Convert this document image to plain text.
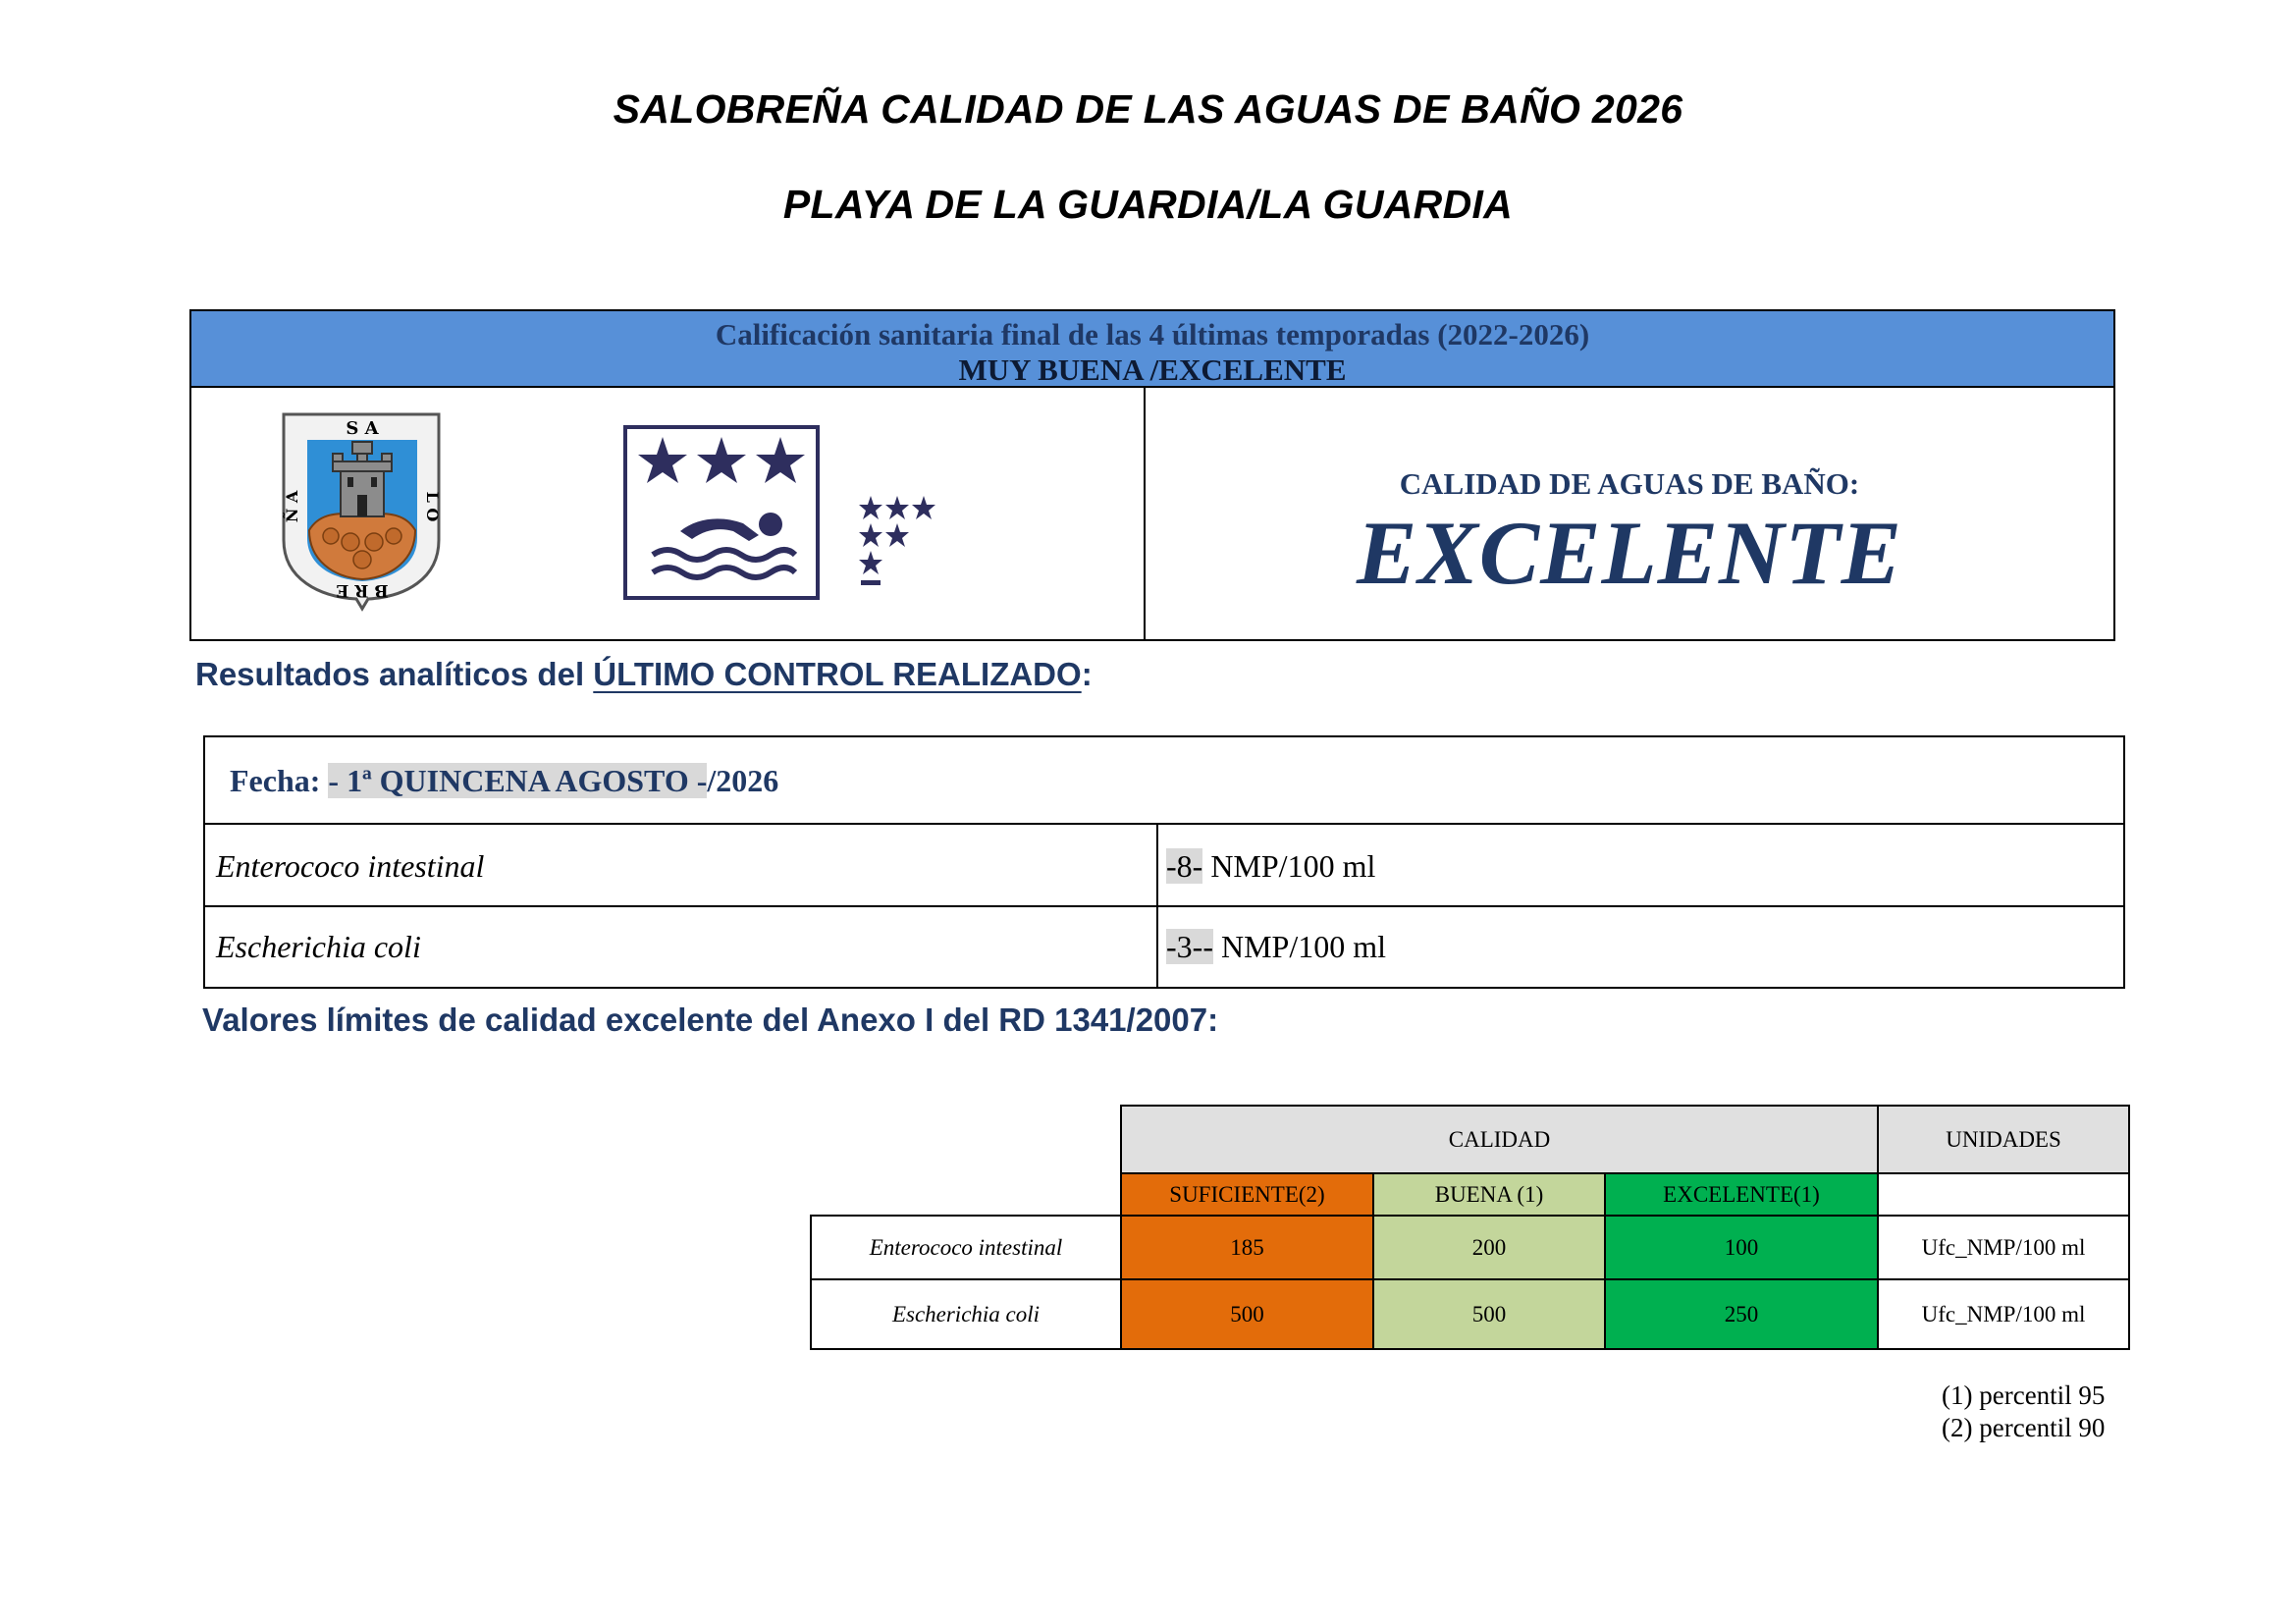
SALOBREÑA CALIDAD DE LAS AGUAS DE BAÑO 2026
PLAYA DE LA GUARDIA/LA GUARDIA
Calificación sanitaria final de las 4 últimas temporadas (2022-2026)
MUY BUENA /EXCELENTE
S A
Ñ A	L O
B R E
CALIDAD DE AGUAS DE BAÑO:
EXCELENTE
Resultados analíticos del ÚLTIMO CONTROL REALIZADO:
Fecha: - 1ª QUINCENA AGOSTO -/2026
Enterococo intestinal	-8- NMP/100 ml
Escherichia coli	-3-- NMP/100 ml
Valores límites de calidad excelente del Anexo I del RD 1341/2007:
CALIDAD	UNIDADES
SUFICIENTE(2)	BUENA (1)	EXCELENTE(1)
Enterococo intestinal	185	200	100	Ufc_NMP/100 ml
Escherichia coli	500	500	250	Ufc_NMP/100 ml
(1) percentil 95
(2) percentil 90
